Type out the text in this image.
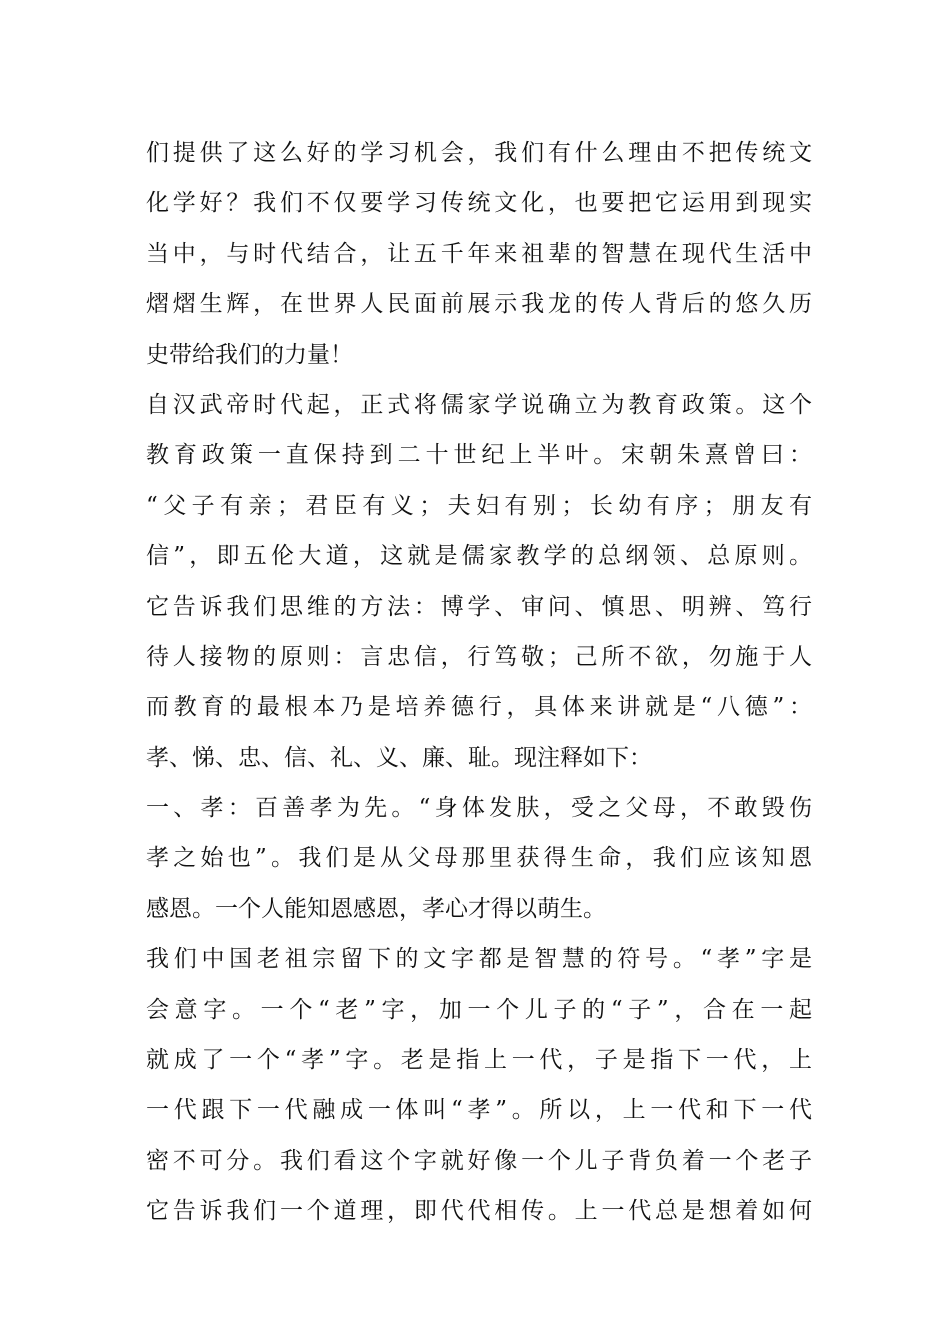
们提供了这么好的学习机会，我们有什么理由不把传统文
化学好？我们不仅要学习传统文化，也要把它运用到现实
当中，与时代结合，让五千年来祖辈的智慧在现代生活中
熠熠生辉，在世界人民面前展示我龙的传人背后的悠久历
史带给我们的力量！
自汉武帝时代起，正式将儒家学说确立为教育政策。这个
教育政策一直保持到二十世纪上半叶。宋朝朱熹曾曰：
“父子有亲；君臣有义；夫妇有别；长幼有序；朋友有
信”，即五伦大道，这就是儒家教学的总纲领、总原则。
它告诉我们思维的方法：博学、审问、慎思、明辨、笃行
待人接物的原则：言忠信，行笃敬；己所不欲，勿施于人
而教育的最根本乃是培养德行，具体来讲就是“八德”：
孝、悌、忠、信、礼、义、廉、耻。现注释如下：
一、孝：百善孝为先。“身体发肤，受之父母，不敢毁伤
孝之始也”。我们是从父母那里获得生命，我们应该知恩
感恩。一个人能知恩感恩，孝心才得以萌生。
我们中国老祖宗留下的文字都是智慧的符号。“孝”字是
会意字。一个“老”字，加一个儿子的“子”，合在一起
就成了一个“孝”字。老是指上一代，子是指下一代，上
一代跟下一代融成一体叫“孝”。所以，上一代和下一代
密不可分。我们看这个字就好像一个儿子背负着一个老子
它告诉我们一个道理，即代代相传。上一代总是想着如何
